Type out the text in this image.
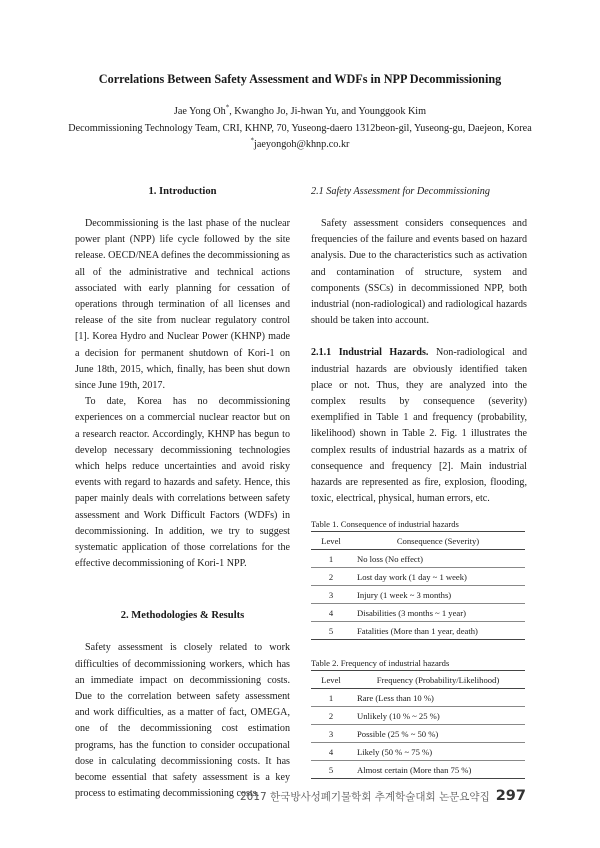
Correlations Between Safety Assessment and WDFs in NPP Decommissioning
Jae Yong Oh*, Kwangho Jo, Ji-hwan Yu, and Younggook Kim
Decommissioning Technology Team, CRI, KHNP, 70, Yuseong-daero 1312beon-gil, Yuseong-gu, Daejeon, Korea
*jaeyongoh@khnp.co.kr
1. Introduction

Decommissioning is the last phase of the nuclear power plant (NPP) life cycle followed by the site release. OECD/NEA defines the decommissioning as all of the administrative and technical actions associated with early planning for cessation of operations through termination of all licenses and release of the site from nuclear regulatory control [1]. Korea Hydro and Nuclear Power (KHNP) made a decision for permanent shutdown of Kori-1 on June 18th, 2015, which, finally, has been shut down since June 19th, 2017.

To date, Korea has no decommissioning experiences on a commercial nuclear reactor but on a research reactor. Accordingly, KHNP has begun to develop necessary decommissioning technologies which helps reduce uncertainties and avoid risky events with regard to hazards and safety. Hence, this paper mainly deals with correlations between safety assessment and Work Difficult Factors (WDFs) in decommissioning. In addition, we try to suggest systematic application of those correlations for the effective decommissioning of Kori-1 NPP.

2. Methodologies & Results

Safety assessment is closely related to work difficulties of decommissioning workers, which has an immediate impact on decommissioning costs. Due to the correlation between safety assessment and work difficulties, as a matter of fact, OMEGA, one of the decommissioning cost estimation programs, has the function to consider occupational dose in calculating decommissioning costs. It has become essential that safety assessment is a key process to estimating decommissioning costs.

2.1 Safety Assessment for Decommissioning

Safety assessment considers consequences and frequencies of the failure and events based on hazard analysis. Due to the characteristics such as activation and contamination of structure, system and components (SSCs) in decommissioned NPP, both industrial (non-radiological) and radiological hazards should be taken into account.

2.1.1 Industrial Hazards. Non-radiological and industrial hazards are obviously identified taken place or not. Thus, they are analyzed into the complex results by consequence (severity) exemplified in Table 1 and frequency (probability, likelihood) shown in Table 2. Fig. 1 illustrates the complex results of industrial hazards as a matrix of consequence and frequency [2]. Main industrial hazards are represented as fire, explosion, flooding, toxic, electrical, physical, human errors, etc.

Table 1. Consequence of industrial hazards
Level	Consequence (Severity)
1	No loss (No effect)
2	Lost day work (1 day ~ 1 week)
3	Injury (1 week ~ 3 months)
4	Disabilities (3 months ~ 1 year)
5	Fatalities (More than 1 year, death)
Table 2. Frequency of industrial hazards
Level	Frequency (Probability/Likelihood)
1	Rare (Less than 10 %)
2	Unlikely (10 % ~ 25 %)
3	Possible (25 % ~ 50 %)
4	Likely (50 % ~ 75 %)
5	Almost certain (More than 75 %)
2017 한국방사성폐기물학회 추계학술대회 논문요약집 297
